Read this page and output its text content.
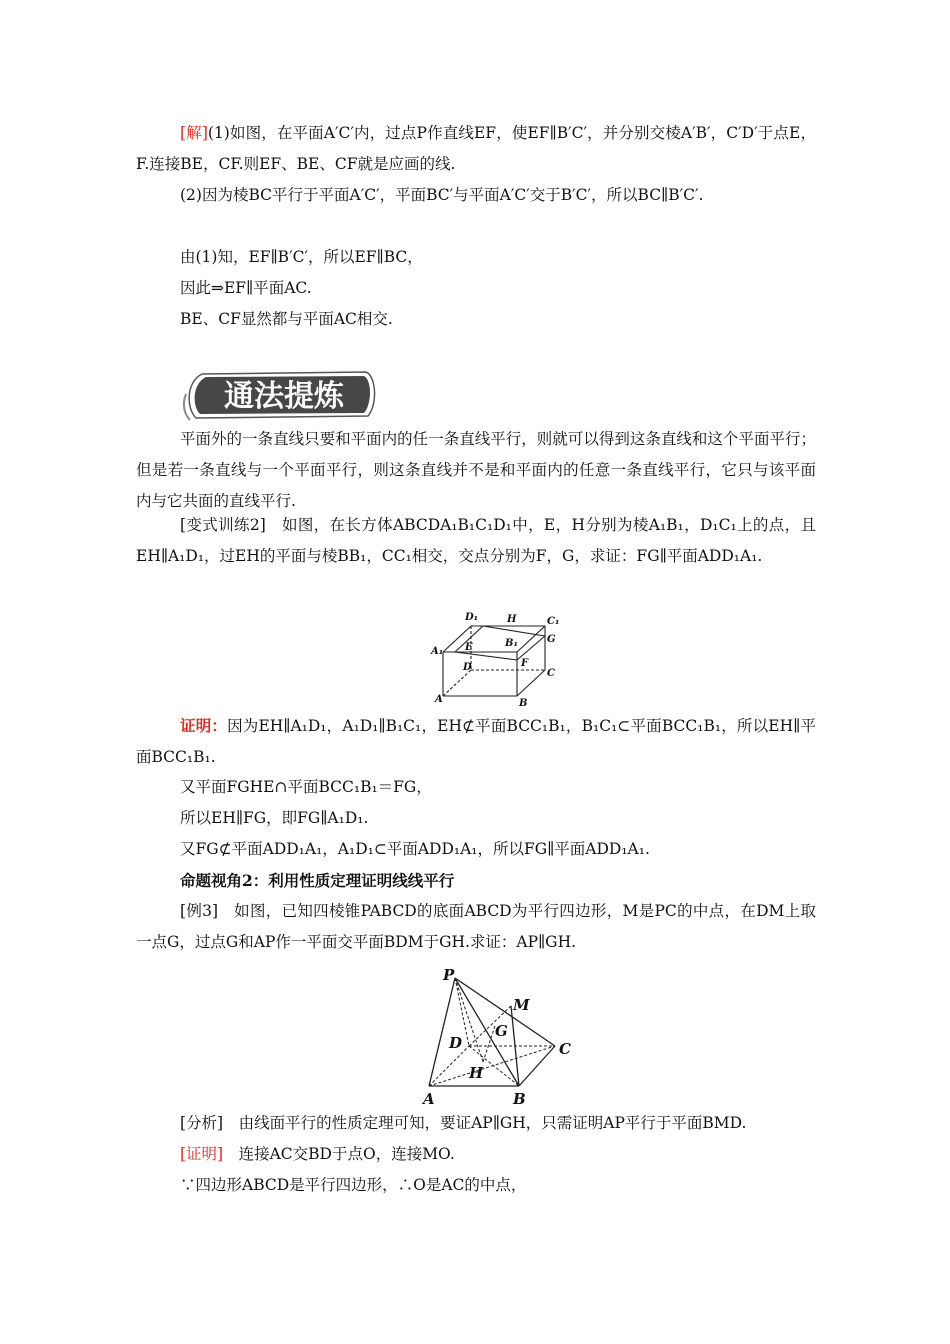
[解](1)如图，在平面A′C′内，过点P作直线EF，使EF∥B′C′，并分别交棱A′B′，C′D′于点E，F.连接BE，CF.则EF、BE、CF就是应画的线.

(2)因为棱BC平行于平面A′C′，平面BC′与平面A′C′交于B′C′，所以BC∥B′C′.

由(1)知，EF∥B′C′，所以EF∥BC，

因此⇒EF∥平面AC.

BE、CF显然都与平面AC相交.

通法提炼

平面外的一条直线只要和平面内的任一条直线平行，则就可以得到这条直线和这个平面平行；但是若一条直线与一个平面平行，则这条直线并不是和平面内的任意一条直线平行，它只与该平面内与它共面的直线平行.

[变式训练2]　如图，在长方体ABCDA₁B₁C₁D₁中，E，H分别为棱A₁B₁，D₁C₁上的点，且EH∥A₁D₁，过EH的平面与棱BB₁，CC₁相交，交点分别为F，G，求证：FG∥平面ADD₁A₁.

D₁	H	C₁
B₁	G
A₁ E
D	F
C
A	B

证明：因为EH∥A₁D₁，A₁D₁∥B₁C₁，EH⊄平面BCC₁B₁，B₁C₁⊂平面BCC₁B₁，所以EH∥平面BCC₁B₁.

又平面FGHE∩平面BCC₁B₁＝FG，

所以EH∥FG，即FG∥A₁D₁.

又FG⊄平面ADD₁A₁，A₁D₁⊂平面ADD₁A₁，所以FG∥平面ADD₁A₁.

命题视角2：利用性质定理证明线线平行

[例3]　如图，已知四棱锥PABCD的底面ABCD为平行四边形，M是PC的中点，在DM上取一点G，过点G和AP作一平面交平面BDM于GH.求证：AP∥GH.

P
M
G
D	C
H
A	B

[分析]　由线面平行的性质定理可知，要证AP∥GH，只需证明AP平行于平面BMD.

[证明]　连接AC交BD于点O，连接MO.

∵四边形ABCD是平行四边形，∴O是AC的中点，
